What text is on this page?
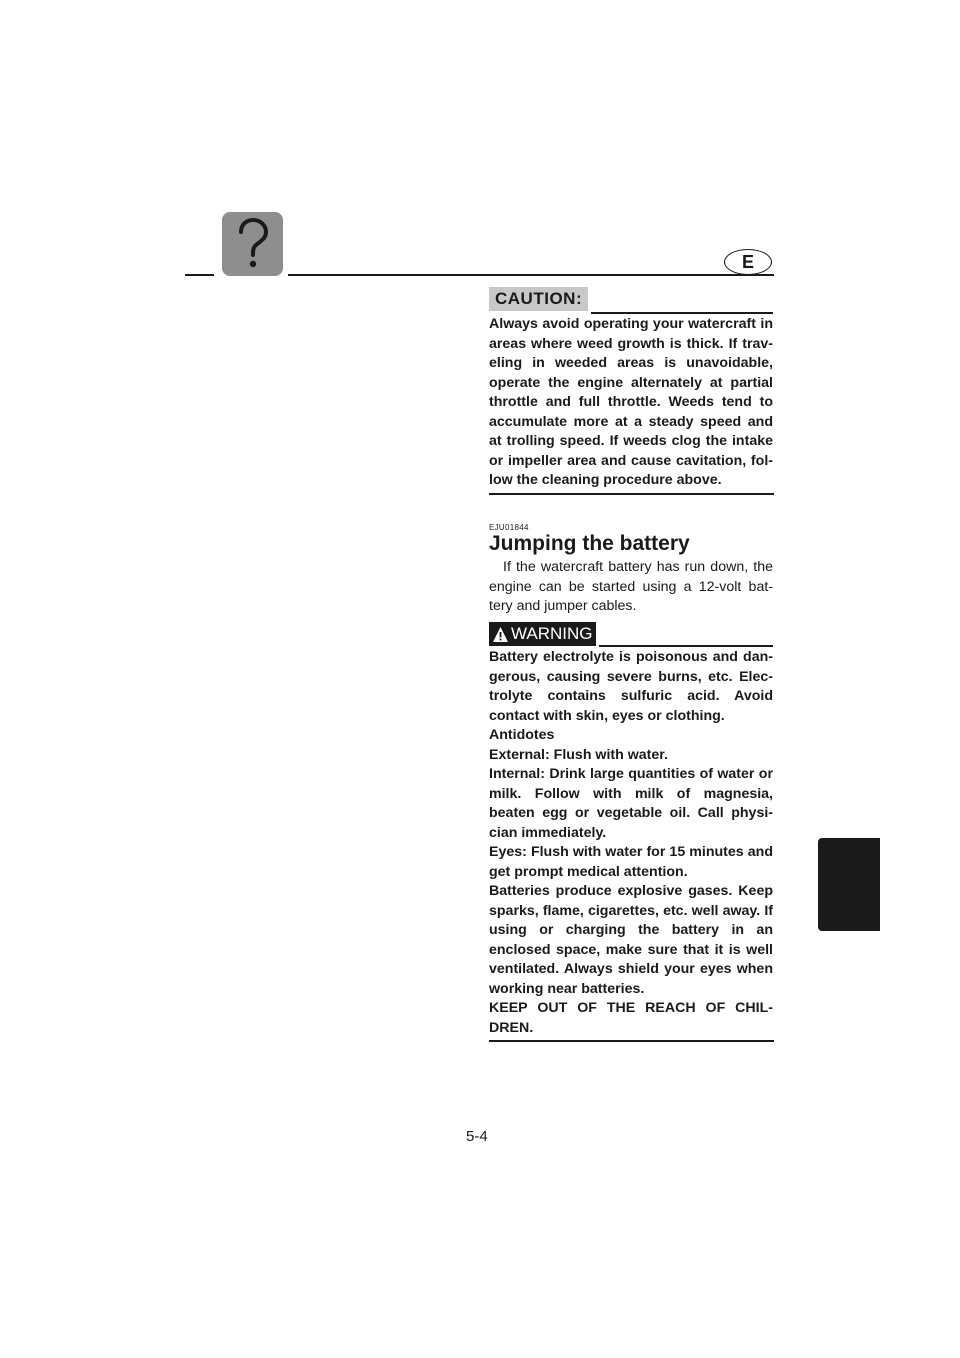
E
CAUTION:

Always avoid operating your watercraft in areas where weed growth is thick. If trav-eling in weeded areas is unavoidable, operate the engine alternately at partial throttle and full throttle. Weeds tend to accumulate more at a steady speed and at trolling speed. If weeds clog the intake or impeller area and cause cavitation, fol-low the cleaning procedure above.

EJU01844
Jumping the battery

If the watercraft battery has run down, the engine can be started using a 12-volt bat-tery and jumper cables.

WARNING

Battery electrolyte is poisonous and dan-gerous, causing severe burns, etc. Elec-trolyte contains sulfuric acid. Avoid contact with skin, eyes or clothing.

Antidotes

External: Flush with water.

Internal: Drink large quantities of water or milk. Follow with milk of magnesia, beaten egg or vegetable oil. Call physi-cian immediately.

Eyes: Flush with water for 15 minutes and get prompt medical attention.

Batteries produce explosive gases. Keep sparks, flame, cigarettes, etc. well away. If using or charging the battery in an enclosed space, make sure that it is well ventilated. Always shield your eyes when working near batteries.

KEEP OUT OF THE REACH OF CHIL-DREN.

5-4
